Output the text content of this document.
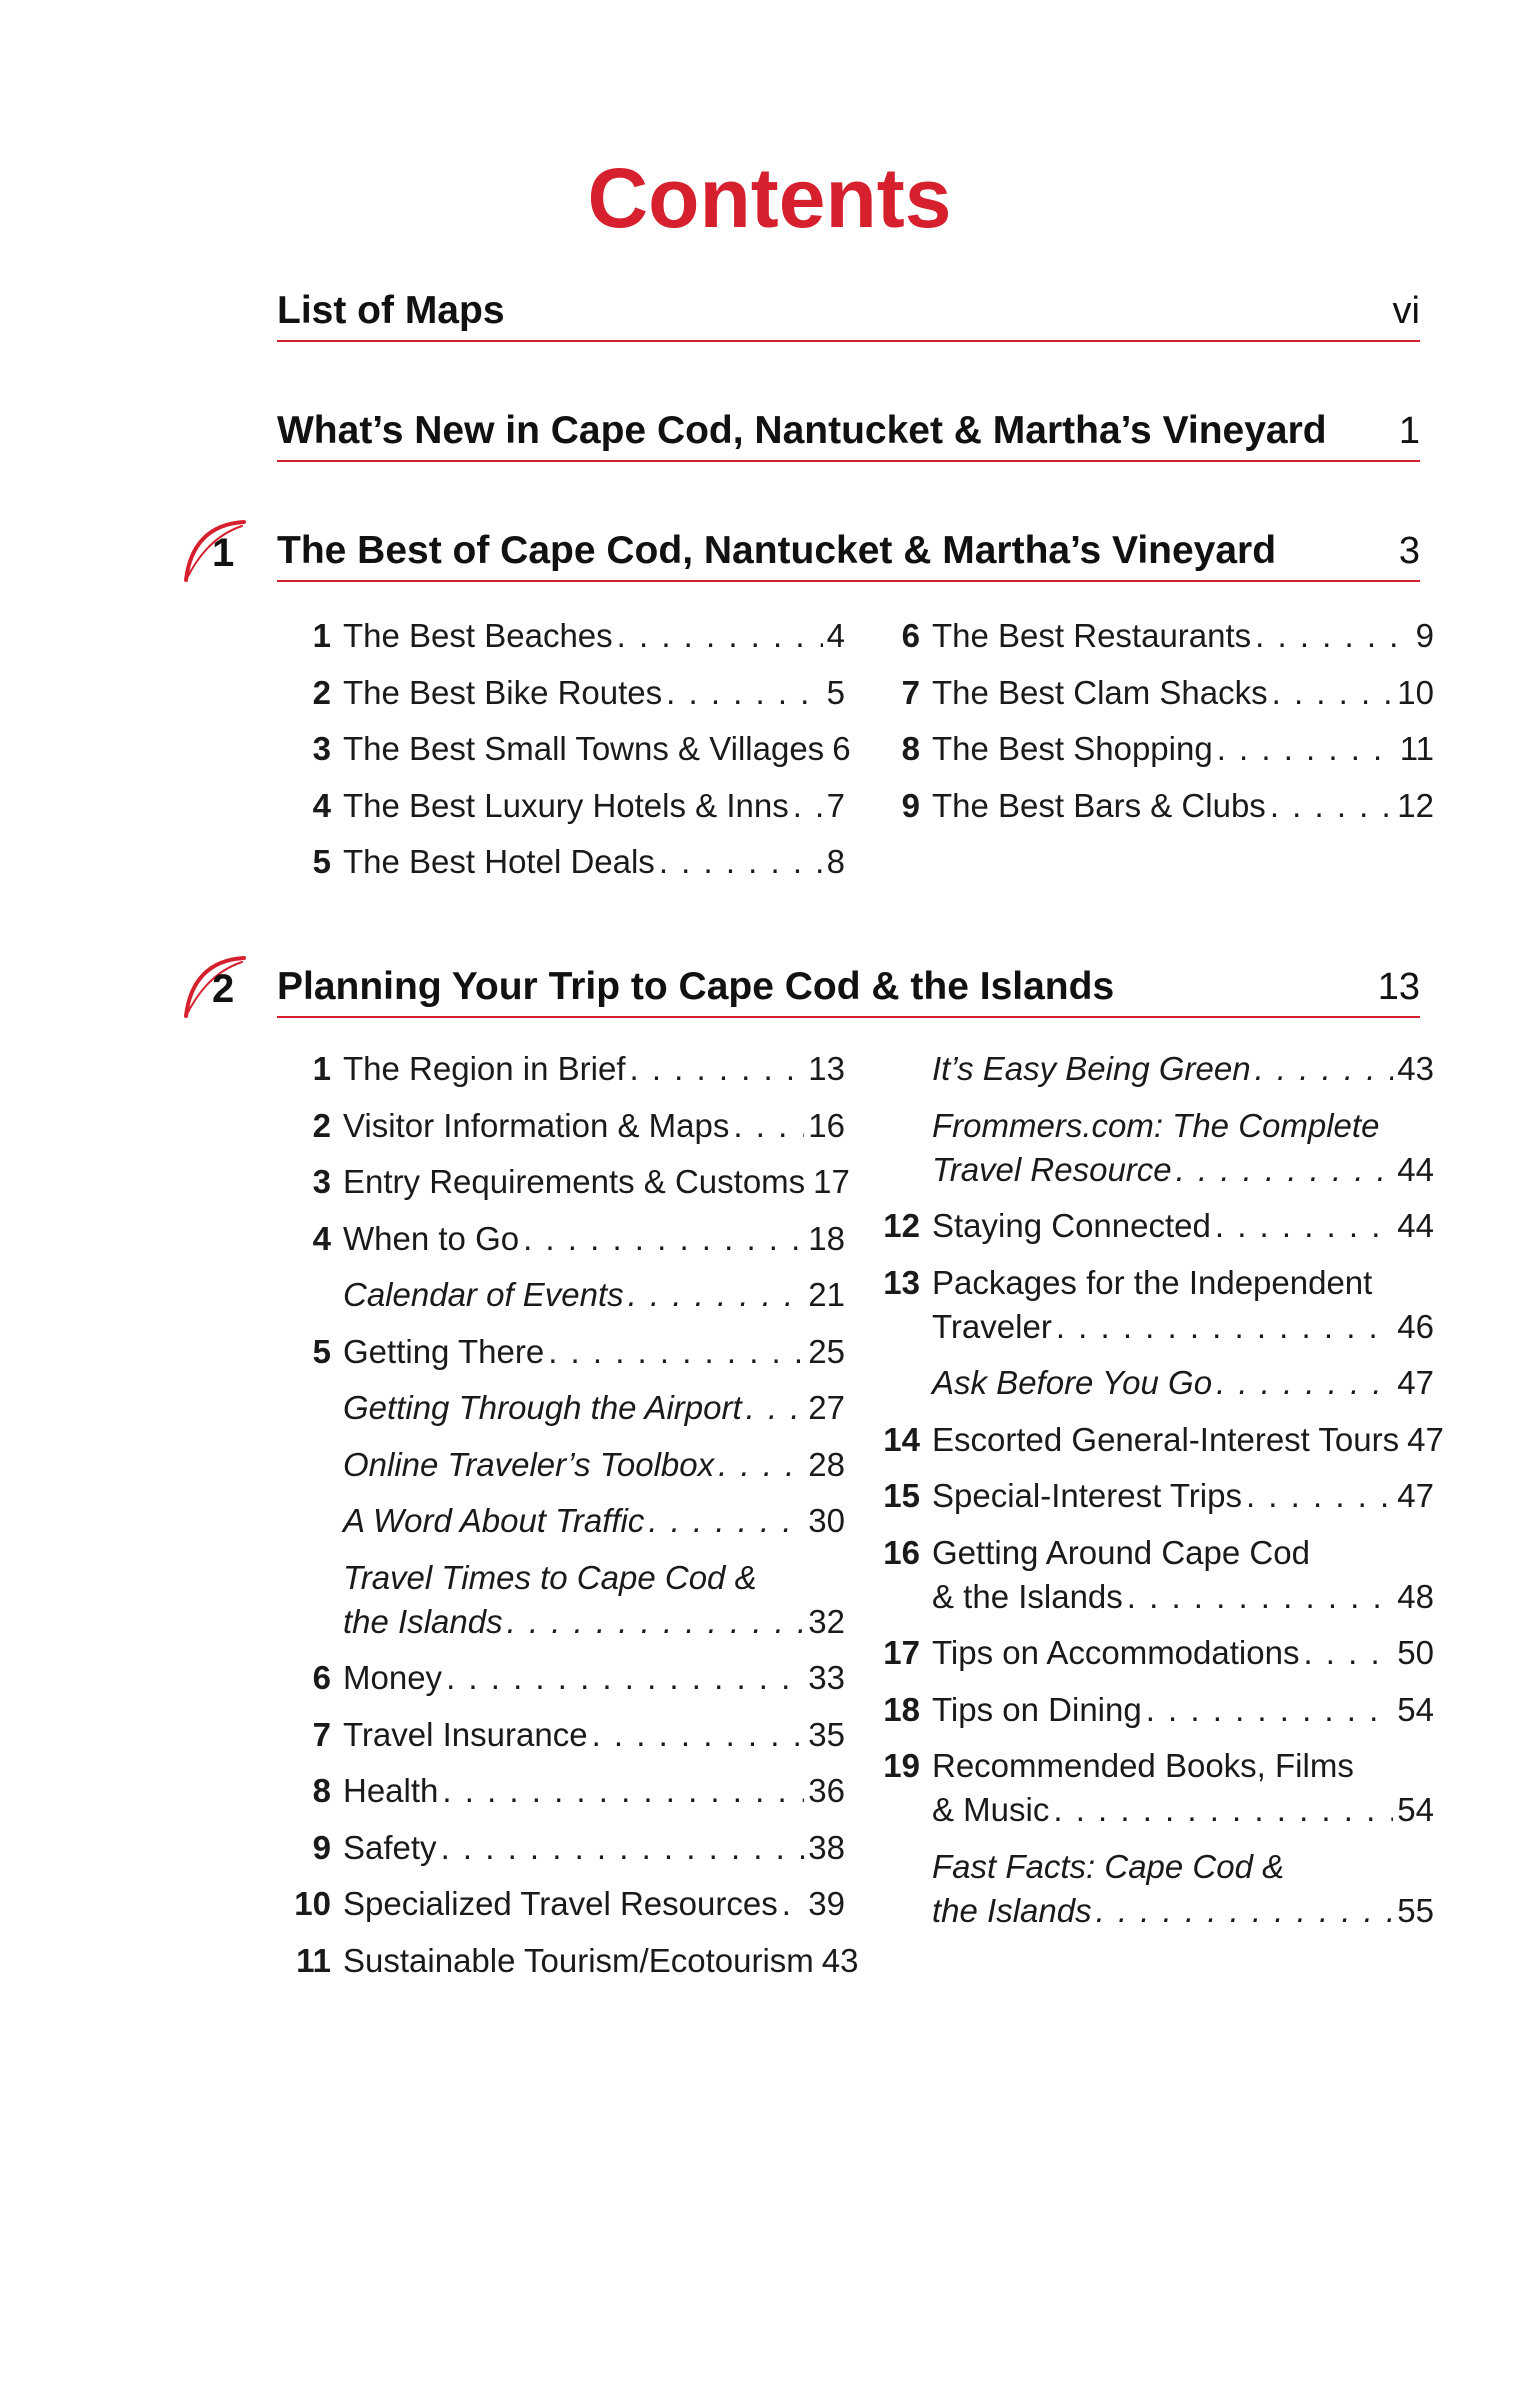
Contents
List of Maps	vi
What’s New in Cape Cod, Nantucket & Martha’s Vineyard 1
1 The Best of Cape Cod, Nantucket & Martha’s Vineyard	3
1 The Best Beaches . . .	4
2 The Best Bike Routes . . .	5
3 The Best Small Towns & Villages 6
4 The Best Luxury Hotels & Inns . . . 7
5 The Best Hotel Deals . . .	8
6 The Best Restaurants . . .	9
7 The Best Clam Shacks . . .	10
8 The Best Shopping . . .	11
9 The Best Bars & Clubs . . .	12
2 Planning Your Trip to Cape Cod & the Islands	13
1 The Region in Brief . . .	13
2 Visitor Information & Maps . . . 16
3 Entry Requirements & Customs 17
4 When to Go . . .	18
Calendar of Events . . .	21
5 Getting There . . .	25
Getting Through the Airport . . . 27
Online Traveler’s Toolbox . . .	28
A Word About Traffic . . .	30
Travel Times to Cape Cod &
the Islands . . .	32
6 Money . . .	33
7 Travel Insurance . . .	35
8 Health . . .	36
9 Safety . . .	38
10 Specialized Travel Resources . . . 39
11 Sustainable Tourism/Ecotourism 43
It’s Easy Being Green . . .	43
Frommers.com: The Complete
Travel Resource . . .	44
12 Staying Connected . . .	44
13 Packages for the Independent
Traveler . . .	46
Ask Before You Go . . .	47
14 Escorted General-Interest Tours 47
15 Special-Interest Trips . . .	47
16 Getting Around Cape Cod
& the Islands . . .	48
17 Tips on Accommodations . . .	50
18 Tips on Dining . . .	54
19 Recommended Books, Films
& Music . . .	54
Fast Facts: Cape Cod &
the Islands . . .	55
